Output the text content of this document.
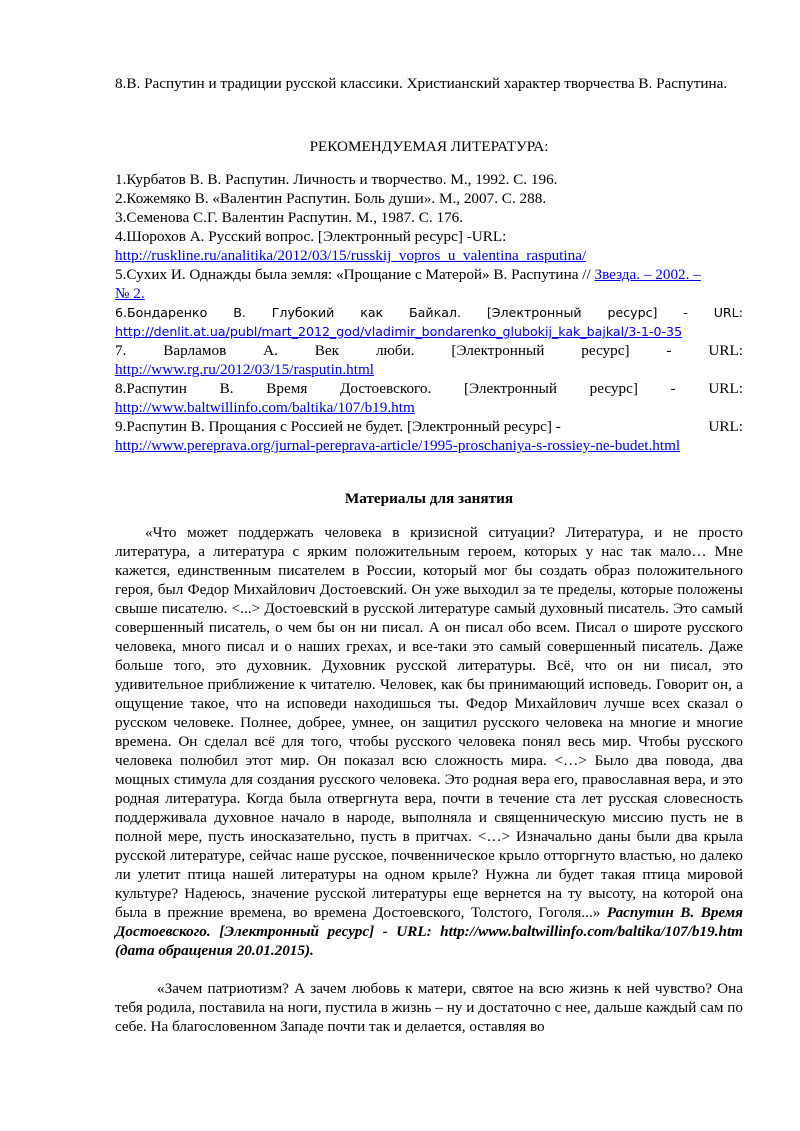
8.В. Распутин и традиции русской классики. Христианский характер творчества В. Распутина.

РЕКОМЕНДУЕМАЯ ЛИТЕРАТУРА:

1.Курбатов В. В. Распутин. Личность и творчество. М., 1992. С. 196.

2.Кожемяко В. «Валентин Распутин. Боль души». М., 2007. С. 288.

3.Семенова С.Г. Валентин Распутин. М., 1987. С. 176.

4.Шорохов А. Русский вопрос. [Электронный ресурс] -URL:

http://ruskline.ru/analitika/2012/03/15/russkij_vopros_u_valentina_rasputina/

5.Сухих И. Однажды была земля: «Прощание с Матерой» В. Распутина // Звезда. – 2002. –

№ 2.

6.Бондаренко В. Глубокий как Байкал. [Электронный ресурс] - URL:

http://denlit.at.ua/publ/mart_2012_god/vladimir_bondarenko_glubokij_kak_bajkal/3-1-0-35

7. Варламов А. Век люби. [Электронный ресурс] - URL:

http://www.rg.ru/2012/03/15/rasputin.html

8.Распутин В. Время Достоевского. [Электронный ресурс] - URL:

http://www.baltwillinfo.com/baltika/107/b19.htm

9.Распутин В. Прощания с Россией не будет. [Электронный ресурс] -	URL:

http://www.pereprava.org/jurnal-pereprava-article/1995-proschaniya-s-rossiey-ne-budet.html

Материалы для занятия

«Что может поддержать человека в кризисной ситуации? Литература, и не просто литература, а литература с ярким положительным героем, которых у нас так мало… Мне кажется, единственным писателем в России, который мог бы создать образ положительного героя, был Федор Михайлович Достоевский. Он уже выходил за те пределы, которые положены свыше писателю. <...> Достоевский в русской литературе самый духовный писатель. Это самый совершенный писатель, о чем бы он ни писал. А он писал обо всем. Писал о широте русского человека, много писал и о наших грехах, и все-таки это самый совершенный писатель. Даже больше того, это духовник. Духовник русской литературы. Всё, что он ни писал, это удивительное приближение к читателю. Человек, как бы принимающий исповедь. Говорит он, а ощущение такое, что на исповеди находишься ты. Федор Михайлович лучше всех сказал о русском человеке. Полнее, добрее, умнее, он защитил русского человека на многие и многие времена. Он сделал всё для того, чтобы русского человека понял весь мир. Чтобы русского человека полюбил этот мир. Он показал всю сложность мира. <…> Было два повода, два мощных стимула для создания русского человека. Это родная вера его, православная вера, и это родная литература. Когда была отвергнута вера, почти в течение ста лет русская словесность поддерживала духовное начало в народе, выполняла и священническую миссию пусть не в полной мере, пусть иносказательно, пусть в притчах. <…> Изначально даны были два крыла русской литературе, сейчас наше русское, почвенническое крыло отторгнуто властью, но далеко ли улетит птица нашей литературы на одном крыле? Нужна ли будет такая птица мировой культуре? Надеюсь, значение русской литературы еще вернется на ту высоту, на которой она была в прежние времена, во времена Достоевского, Толстого, Гоголя...» Распутин В. Время Достоевского. [Электронный ресурс] - URL: http://www.baltwillinfo.com/baltika/107/b19.htm (дата обращения 20.01.2015).

«Зачем патриотизм? А зачем любовь к матери, святое на всю жизнь к ней чувство? Она тебя родила, поставила на ноги, пустила в жизнь – ну и достаточно с нее, дальше каждый сам по себе. На благословенном Западе почти так и делается, оставляя во
